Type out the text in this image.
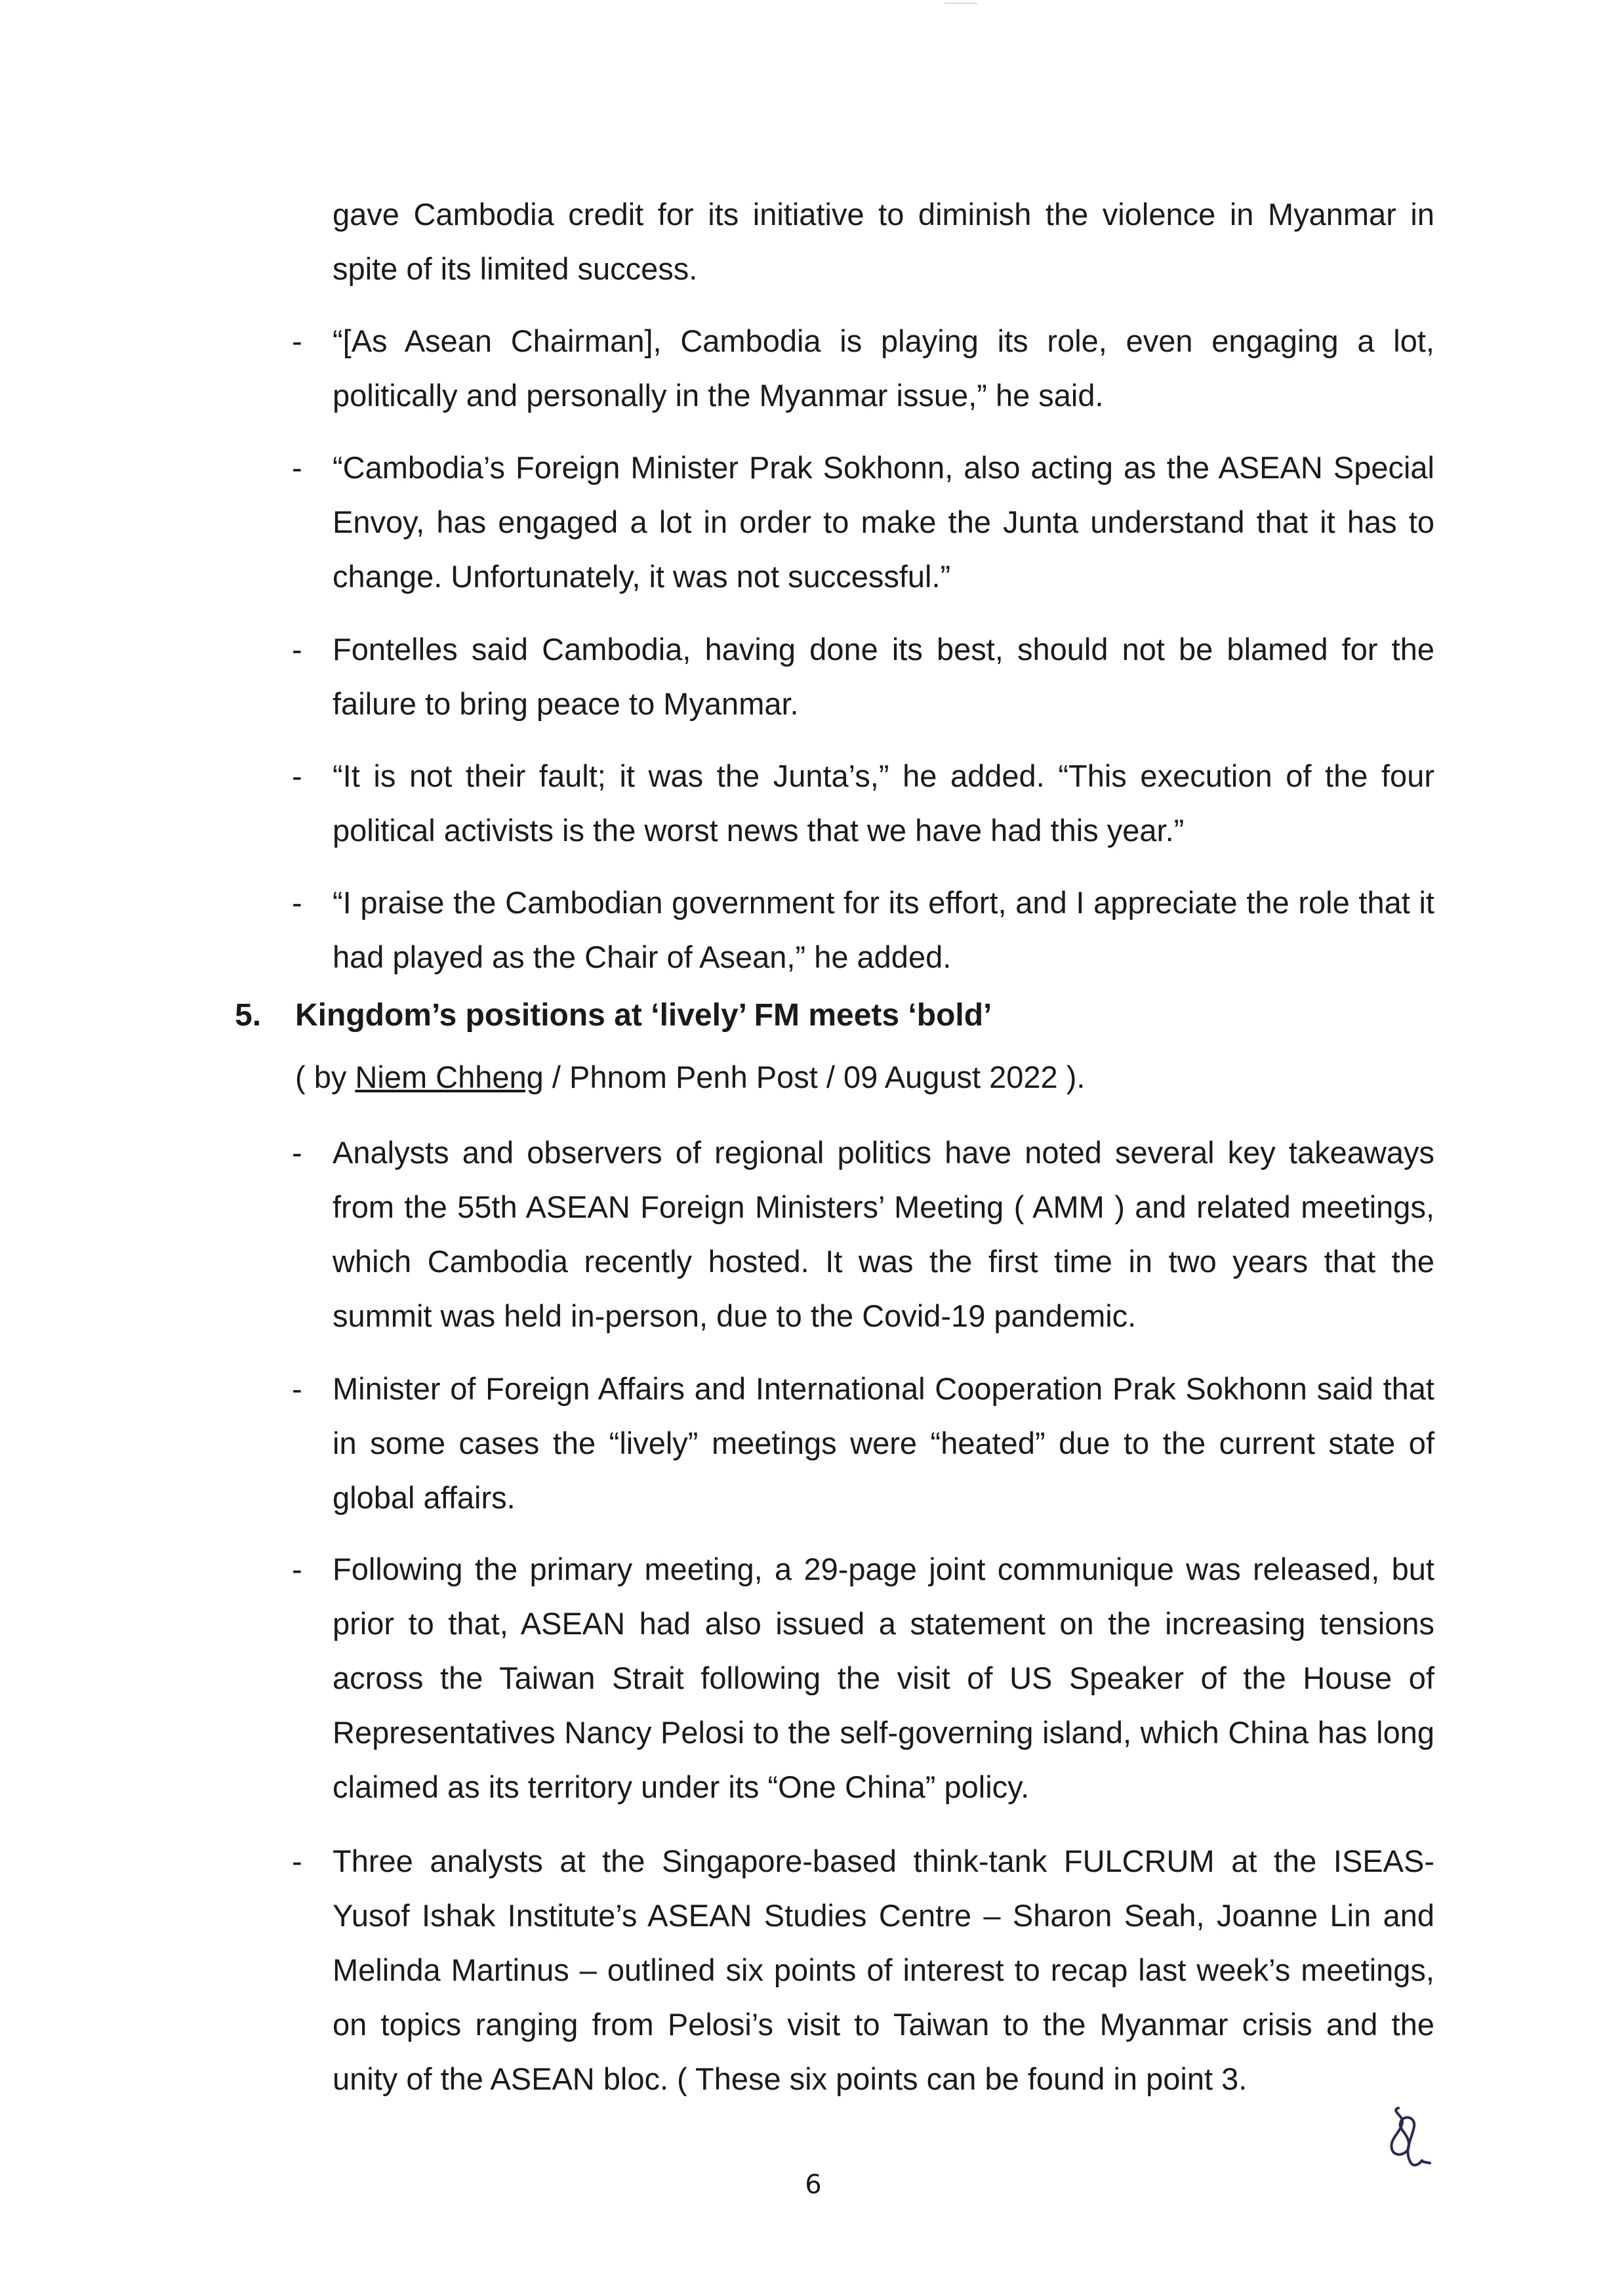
gave Cambodia credit for its initiative to diminish the violence in Myanmar in spite of its limited success.

- “[As Asean Chairman], Cambodia is playing its role, even engaging a lot, politically and personally in the Myanmar issue,” he said.

- “Cambodia’s Foreign Minister Prak Sokhonn, also acting as the ASEAN Special Envoy, has engaged a lot in order to make the Junta understand that it has to change. Unfortunately, it was not successful.”

- Fontelles said Cambodia, having done its best, should not be blamed for the failure to bring peace to Myanmar.

- “It is not their fault; it was the Junta’s,” he added. “This execution of the four political activists is the worst news that we have had this year.”

- “I praise the Cambodian government for its effort, and I appreciate the role that it had played as the Chair of Asean,” he added.

5. Kingdom’s positions at ‘lively’ FM meets ‘bold’
( by Niem Chheng / Phnom Penh Post / 09 August 2022 ).
- Analysts and observers of regional politics have noted several key takeaways from the 55th ASEAN Foreign Ministers’ Meeting ( AMM ) and related meetings, which Cambodia recently hosted. It was the first time in two years that the summit was held in-person, due to the Covid-19 pandemic.

- Minister of Foreign Affairs and International Cooperation Prak Sokhonn said that in some cases the “lively” meetings were “heated” due to the current state of global affairs.

- Following the primary meeting, a 29-page joint communique was released, but prior to that, ASEAN had also issued a statement on the increasing tensions across the Taiwan Strait following the visit of US Speaker of the House of Representatives Nancy Pelosi to the self-governing island, which China has long claimed as its territory under its “One China” policy.

- Three analysts at the Singapore-based think-tank FULCRUM at the ISEAS-Yusof Ishak Institute’s ASEAN Studies Centre – Sharon Seah, Joanne Lin and Melinda Martinus – outlined six points of interest to recap last week’s meetings, on topics ranging from Pelosi’s visit to Taiwan to the Myanmar crisis and the unity of the ASEAN bloc. ( These six points can be found in point 3.

6
